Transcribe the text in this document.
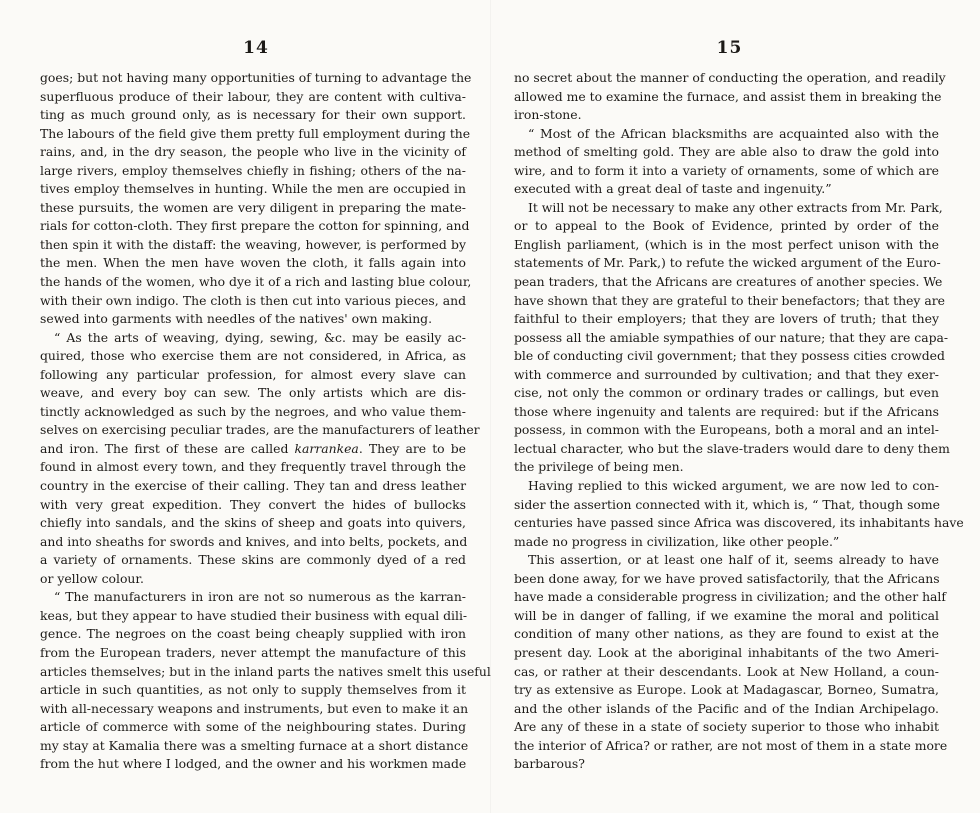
14
goes; but not having many opportunities of turning to advantage the
superfluous produce of their labour, they are content with cultiva-
ting as much ground only, as is necessary for their own support.
The labours of the field give them pretty full employment during the
rains, and, in the dry season, the people who live in the vicinity of
large rivers, employ themselves chiefly in fishing; others of the na-
tives employ themselves in hunting. While the men are occupied in
these pursuits, the women are very diligent in preparing the mate-
rials for cotton-cloth. They first prepare the cotton for spinning, and
then spin it with the distaff: the weaving, however, is performed by
the men. When the men have woven the cloth, it falls again into
the hands of the women, who dye it of a rich and lasting blue colour,
with their own indigo. The cloth is then cut into various pieces, and
sewed into garments with needles of the natives' own making.
“ As the arts of weaving, dying, sewing, &c. may be easily ac-
quired, those who exercise them are not considered, in Africa, as
following any particular profession, for almost every slave can
weave, and every boy can sew. The only artists which are dis-
tinctly acknowledged as such by the negroes, and who value them-
selves on exercising peculiar trades, are the manufacturers of leather
and iron. The first of these are called karrankea. They are to be
found in almost every town, and they frequently travel through the
country in the exercise of their calling. They tan and dress leather
with very great expedition. They convert the hides of bullocks
chiefly into sandals, and the skins of sheep and goats into quivers,
and into sheaths for swords and knives, and into belts, pockets, and
a variety of ornaments. These skins are commonly dyed of a red
or yellow colour.
“ The manufacturers in iron are not so numerous as the karran-
keas, but they appear to have studied their business with equal dili-
gence. The negroes on the coast being cheaply supplied with iron
from the European traders, never attempt the manufacture of this
articles themselves; but in the inland parts the natives smelt this useful
article in such quantities, as not only to supply themselves from it
with all-necessary weapons and instruments, but even to make it an
article of commerce with some of the neighbouring states. During
my stay at Kamalia there was a smelting furnace at a short distance
from the hut where I lodged, and the owner and his workmen made
15
no secret about the manner of conducting the operation, and readily
allowed me to examine the furnace, and assist them in breaking the
iron-stone.
“ Most of the African blacksmiths are acquainted also with the
method of smelting gold. They are able also to draw the gold into
wire, and to form it into a variety of ornaments, some of which are
executed with a great deal of taste and ingenuity.”
It will not be necessary to make any other extracts from Mr. Park,
or to appeal to the Book of Evidence, printed by order of the
English parliament, (which is in the most perfect unison with the
statements of Mr. Park,) to refute the wicked argument of the Euro-
pean traders, that the Africans are creatures of another species. We
have shown that they are grateful to their benefactors; that they are
faithful to their employers; that they are lovers of truth; that they
possess all the amiable sympathies of our nature; that they are capa-
ble of conducting civil government; that they possess cities crowded
with commerce and surrounded by cultivation; and that they exer-
cise, not only the common or ordinary trades or callings, but even
those where ingenuity and talents are required: but if the Africans
possess, in common with the Europeans, both a moral and an intel-
lectual character, who but the slave-traders would dare to deny them
the privilege of being men.
Having replied to this wicked argument, we are now led to con-
sider the assertion connected with it, which is, “ That, though some
centuries have passed since Africa was discovered, its inhabitants have
made no progress in civilization, like other people.”
This assertion, or at least one half of it, seems already to have
been done away, for we have proved satisfactorily, that the Africans
have made a considerable progress in civilization; and the other half
will be in danger of falling, if we examine the moral and political
condition of many other nations, as they are found to exist at the
present day. Look at the aboriginal inhabitants of the two Ameri-
cas, or rather at their descendants. Look at New Holland, a coun-
try as extensive as Europe. Look at Madagascar, Borneo, Sumatra,
and the other islands of the Pacific and of the Indian Archipelago.
Are any of these in a state of society superior to those who inhabit
the interior of Africa? or rather, are not most of them in a state more
barbarous?
